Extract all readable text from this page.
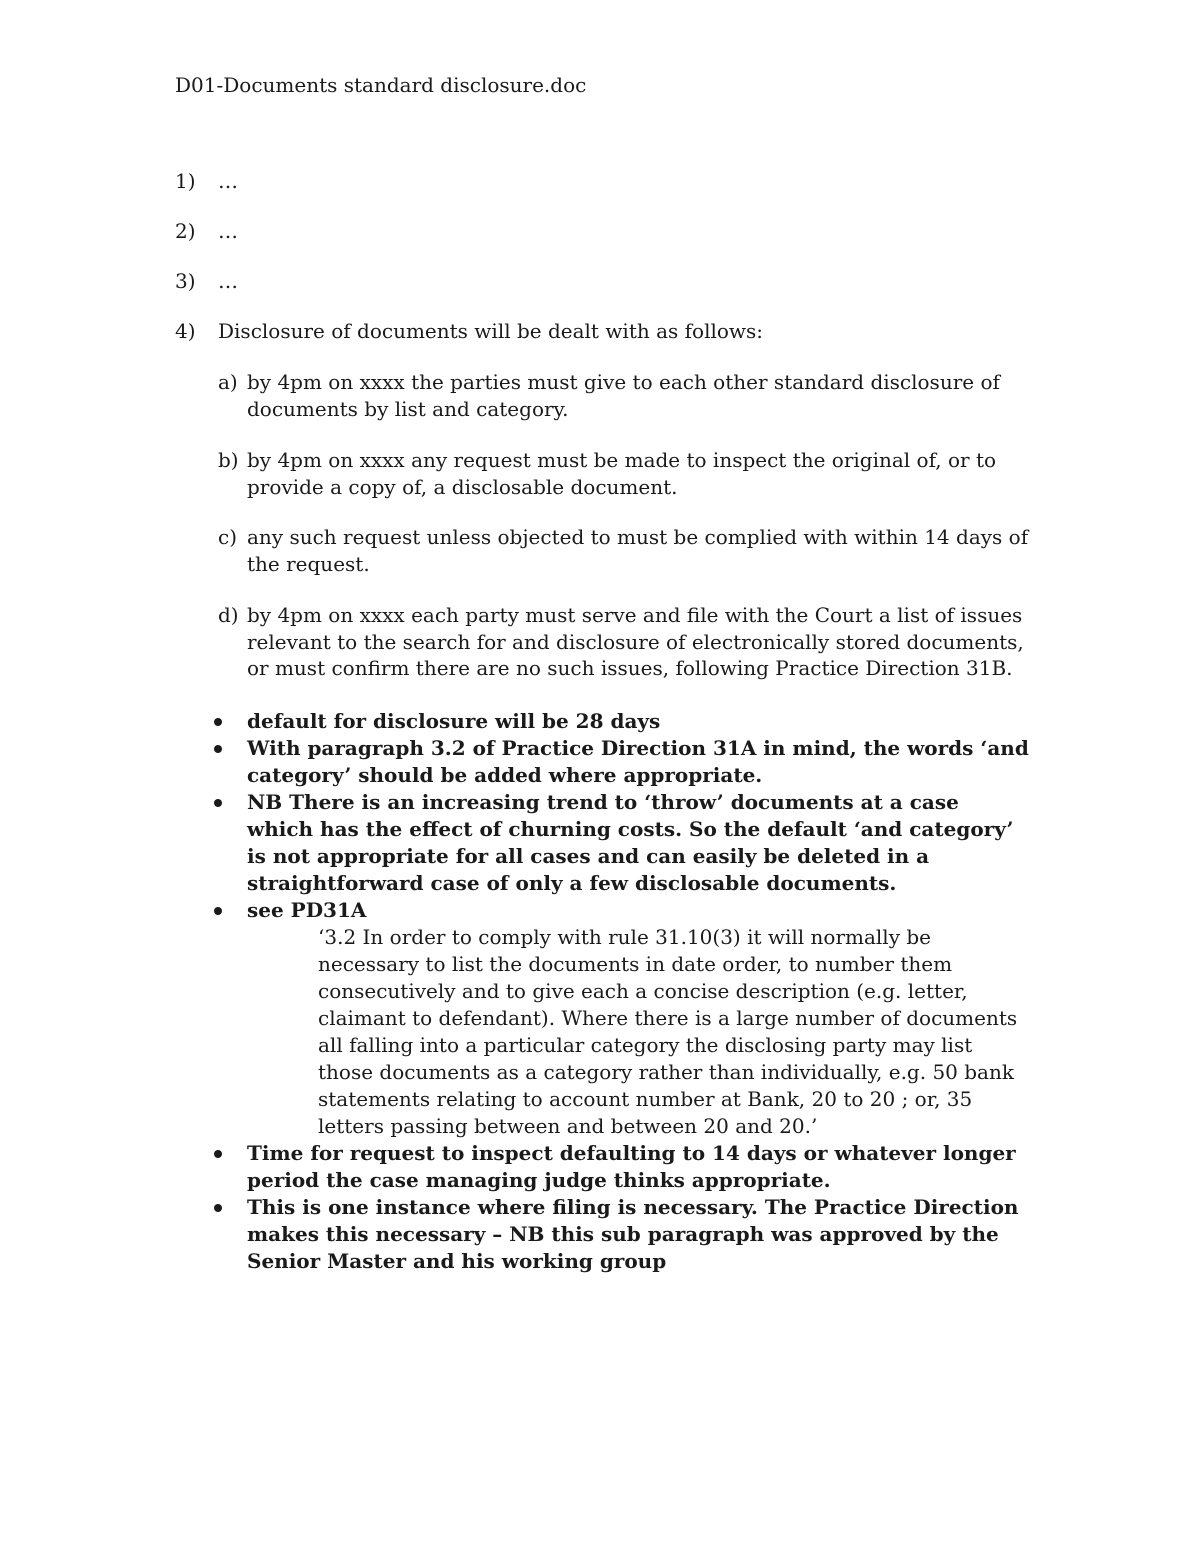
D01-Documents standard disclosure.doc
1) …
2) …
3) …
4) Disclosure of documents will be dealt with as follows:
a) by 4pm on xxxx the parties must give to each other standard disclosure of documents by list and category.
b) by 4pm on xxxx any request must be made to inspect the original of, or to provide a copy of, a disclosable document.
c) any such request unless objected to must be complied with within 14 days of the request.
d) by 4pm on xxxx each party must serve and file with the Court a list of issues relevant to the search for and disclosure of electronically stored documents, or must confirm there are no such issues, following Practice Direction 31B.
default for disclosure will be 28 days
With paragraph 3.2 of Practice Direction 31A in mind, the words ‘and category’ should be added where appropriate.
NB There is an increasing trend to ‘throw’ documents at a case which has the effect of churning costs. So the default ‘and category’ is not appropriate for all cases and can easily be deleted in a straightforward case of only a few disclosable documents.
see PD31A
‘3.2 In order to comply with rule 31.10(3) it will normally be necessary to list the documents in date order, to number them consecutively and to give each a concise description (e.g. letter, claimant to defendant). Where there is a large number of documents all falling into a particular category the disclosing party may list those documents as a category rather than individually, e.g. 50 bank statements relating to account number at Bank, 20 to 20 ; or, 35 letters passing between and between 20 and 20.’
Time for request to inspect defaulting to 14 days or whatever longer period the case managing judge thinks appropriate.
This is one instance where filing is necessary. The Practice Direction makes this necessary – NB this sub paragraph was approved by the Senior Master and his working group
